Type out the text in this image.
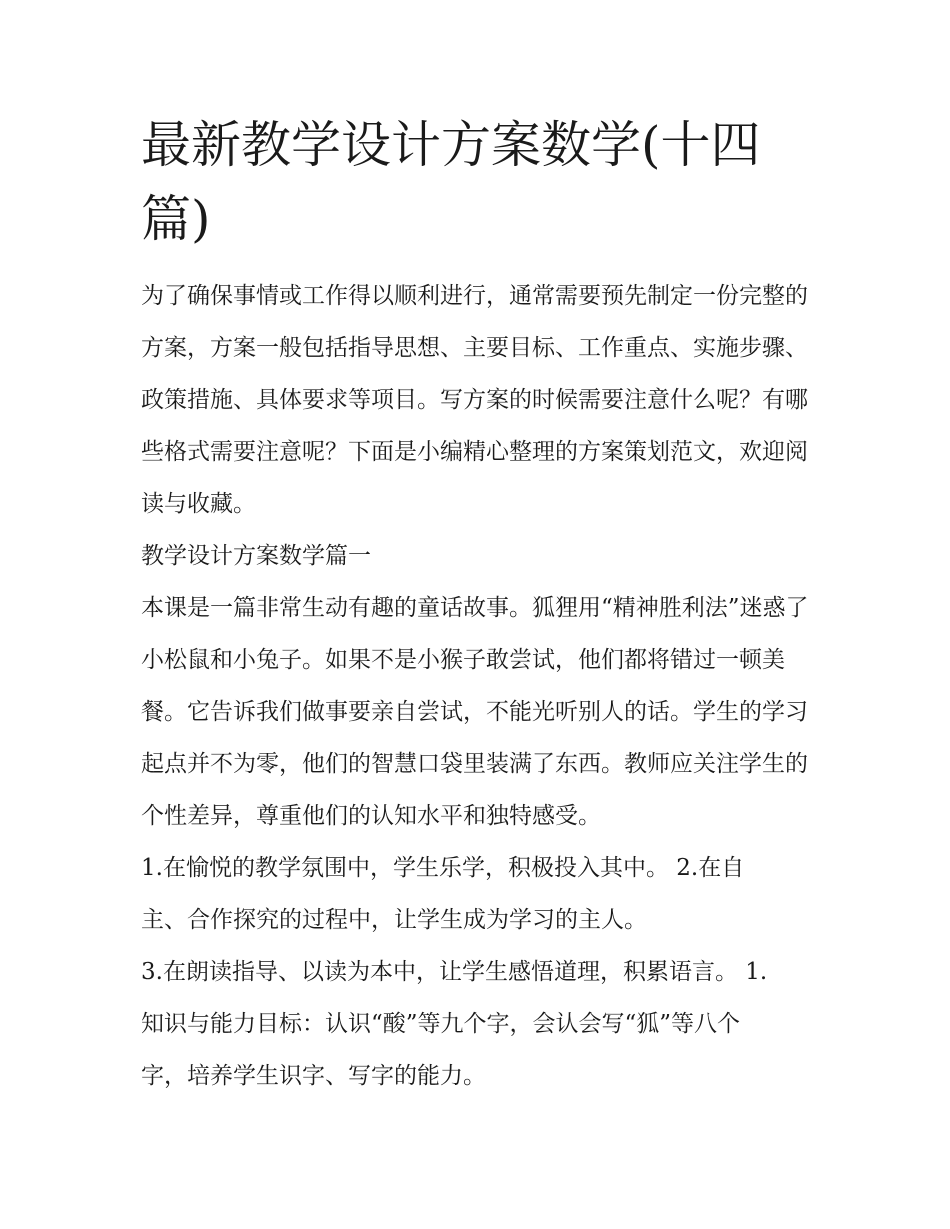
最新教学设计方案数学(十四篇)

为了确保事情或工作得以顺利进行，通常需要预先制定一份完整的方案，方案一般包括指导思想、主要目标、工作重点、实施步骤、政策措施、具体要求等项目。写方案的时候需要注意什么呢？有哪些格式需要注意呢？下面是小编精心整理的方案策划范文，欢迎阅读与收藏。

教学设计方案数学篇一

本课是一篇非常生动有趣的童话故事。狐狸用“精神胜利法”迷惑了小松鼠和小兔子。如果不是小猴子敢尝试，他们都将错过一顿美餐。它告诉我们做事要亲自尝试，不能光听别人的话。学生的学习起点并不为零，他们的智慧口袋里装满了东西。教师应关注学生的个性差异，尊重他们的认知水平和独特感受。

1.在愉悦的教学氛围中，学生乐学，积极投入其中。 2.在自主、合作探究的过程中，让学生成为学习的主人。

3.在朗读指导、以读为本中，让学生感悟道理，积累语言。 1.

知识与能力目标：认识“酸”等九个字，会认会写“狐”等八个字，培养学生识字、写字的能力。
